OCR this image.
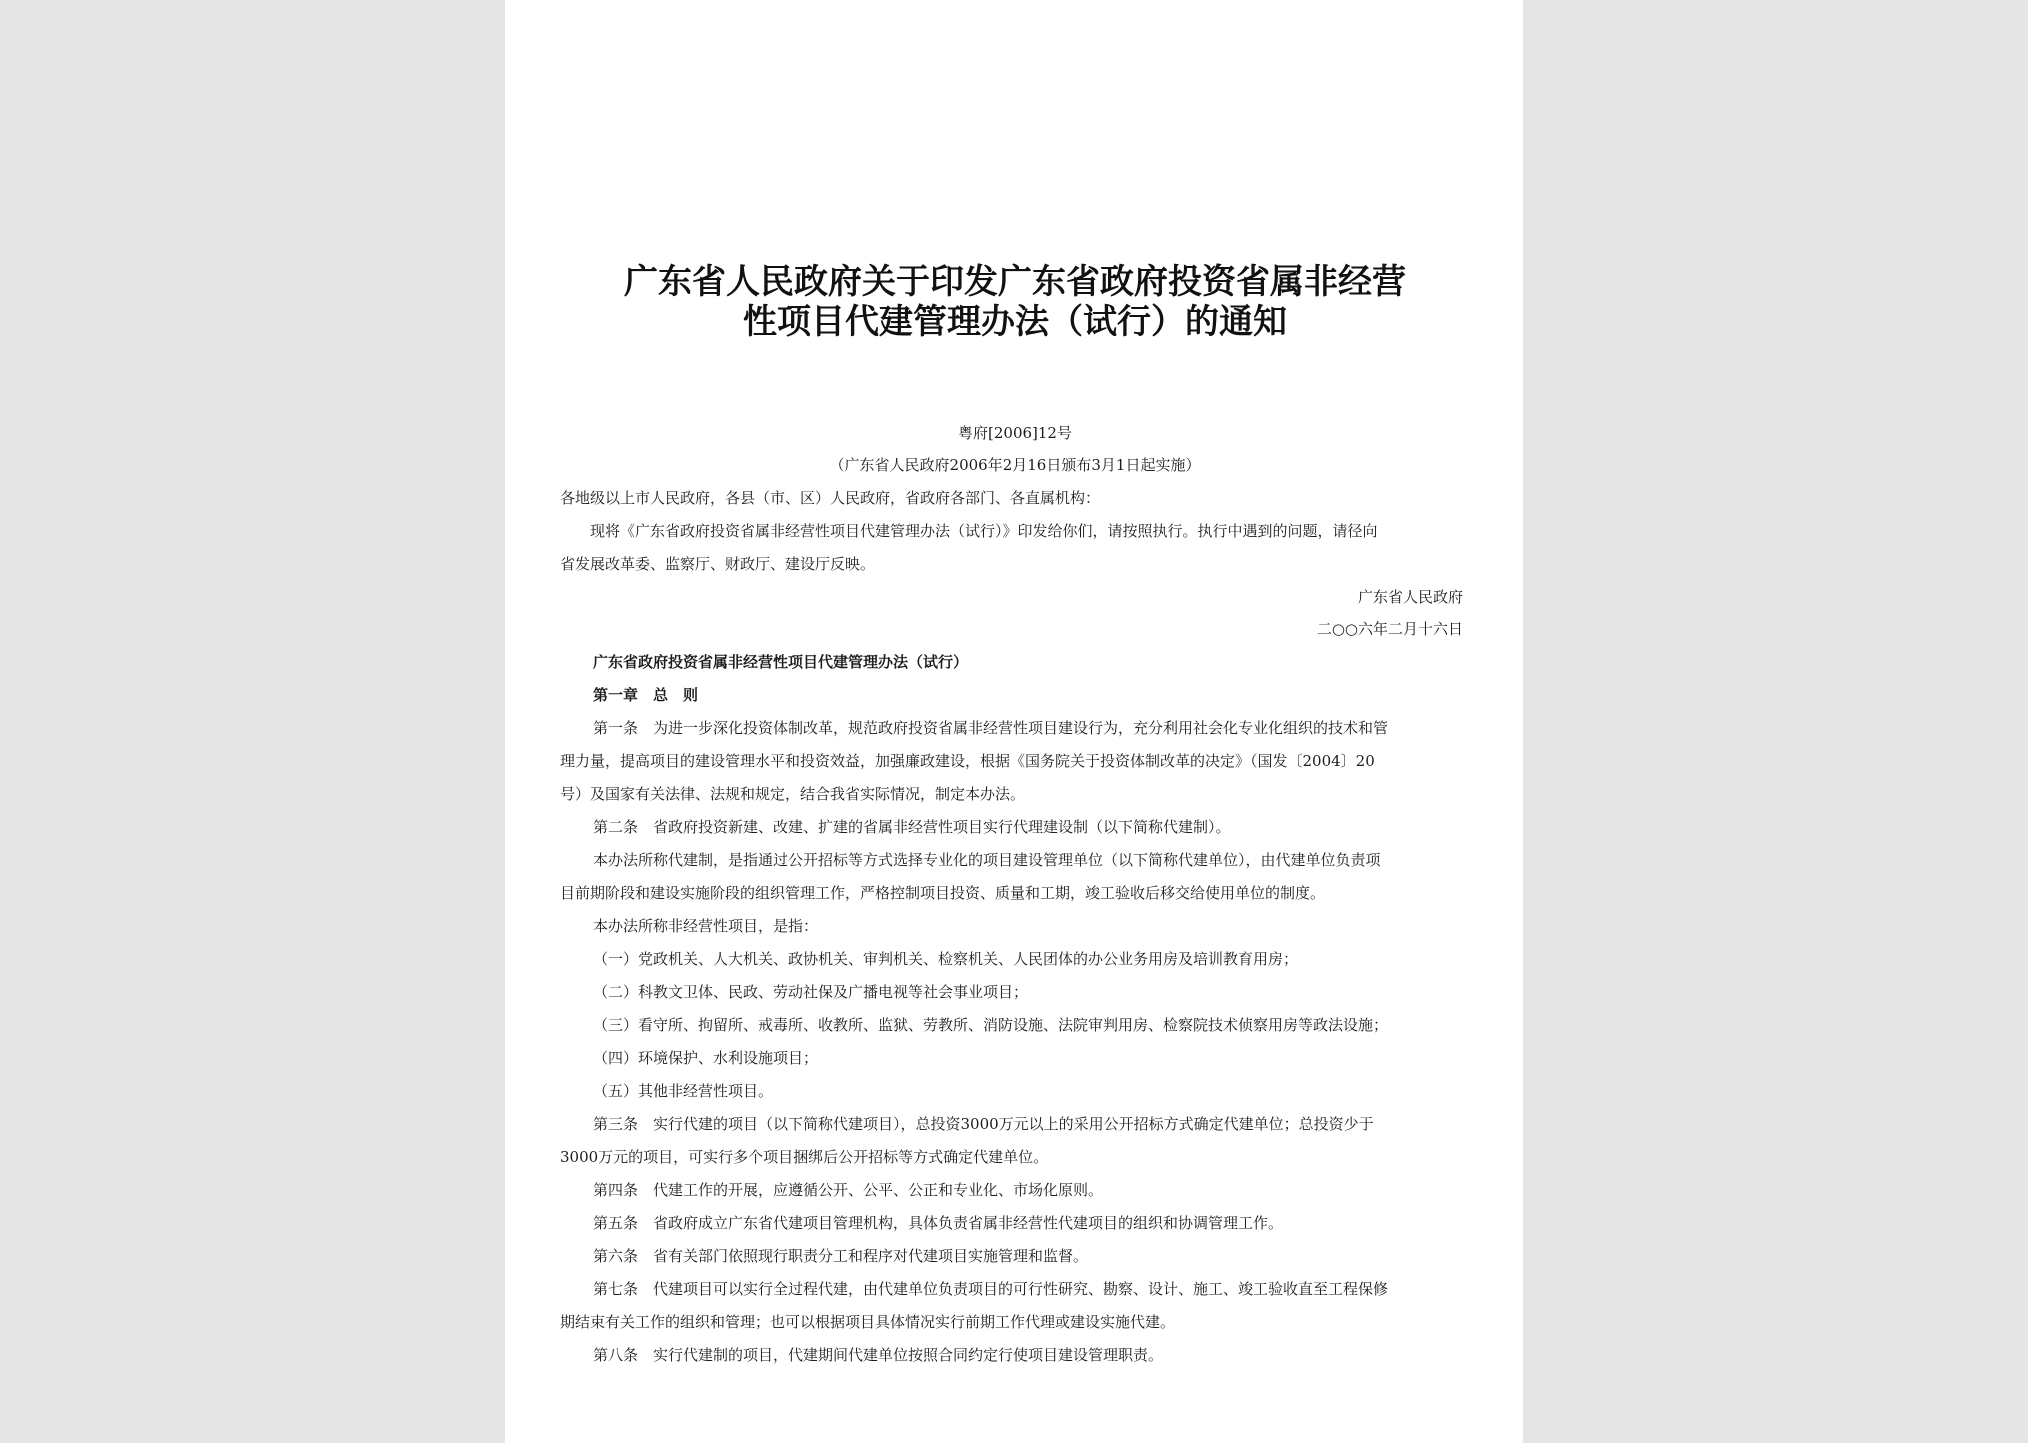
广东省人民政府关于印发广东省政府投资省属非经营
性项目代建管理办法（试行）的通知
粤府[2006]12号
（广东省人民政府2006年2月16日颁布3月1日起实施）
各地级以上市人民政府，各县（市、区）人民政府，省政府各部门、各直属机构：
现将《广东省政府投资省属非经营性项目代建管理办法（试行）》印发给你们，请按照执行。执行中遇到的问题，请径向
省发展改革委、监察厅、财政厅、建设厅反映。
广东省人民政府
二○○六年二月十六日
广东省政府投资省属非经营性项目代建管理办法（试行）
第一章　总　则
第一条　为进一步深化投资体制改革，规范政府投资省属非经营性项目建设行为，充分利用社会化专业化组织的技术和管
理力量，提高项目的建设管理水平和投资效益，加强廉政建设，根据《国务院关于投资体制改革的决定》（国发〔2004〕20
号）及国家有关法律、法规和规定，结合我省实际情况，制定本办法。
第二条　省政府投资新建、改建、扩建的省属非经营性项目实行代理建设制（以下简称代建制）。
本办法所称代建制，是指通过公开招标等方式选择专业化的项目建设管理单位（以下简称代建单位），由代建单位负责项
目前期阶段和建设实施阶段的组织管理工作，严格控制项目投资、质量和工期，竣工验收后移交给使用单位的制度。
本办法所称非经营性项目，是指：
（一）党政机关、人大机关、政协机关、审判机关、检察机关、人民团体的办公业务用房及培训教育用房；
（二）科教文卫体、民政、劳动社保及广播电视等社会事业项目；
（三）看守所、拘留所、戒毒所、收教所、监狱、劳教所、消防设施、法院审判用房、检察院技术侦察用房等政法设施；
（四）环境保护、水利设施项目；
（五）其他非经营性项目。
第三条　实行代建的项目（以下简称代建项目），总投资3000万元以上的采用公开招标方式确定代建单位；总投资少于
3000万元的项目，可实行多个项目捆绑后公开招标等方式确定代建单位。
第四条　代建工作的开展，应遵循公开、公平、公正和专业化、市场化原则。
第五条　省政府成立广东省代建项目管理机构，具体负责省属非经营性代建项目的组织和协调管理工作。
第六条　省有关部门依照现行职责分工和程序对代建项目实施管理和监督。
第七条　代建项目可以实行全过程代建，由代建单位负责项目的可行性研究、勘察、设计、施工、竣工验收直至工程保修
期结束有关工作的组织和管理；也可以根据项目具体情况实行前期工作代理或建设实施代建。
第八条　实行代建制的项目，代建期间代建单位按照合同约定行使项目建设管理职责。
